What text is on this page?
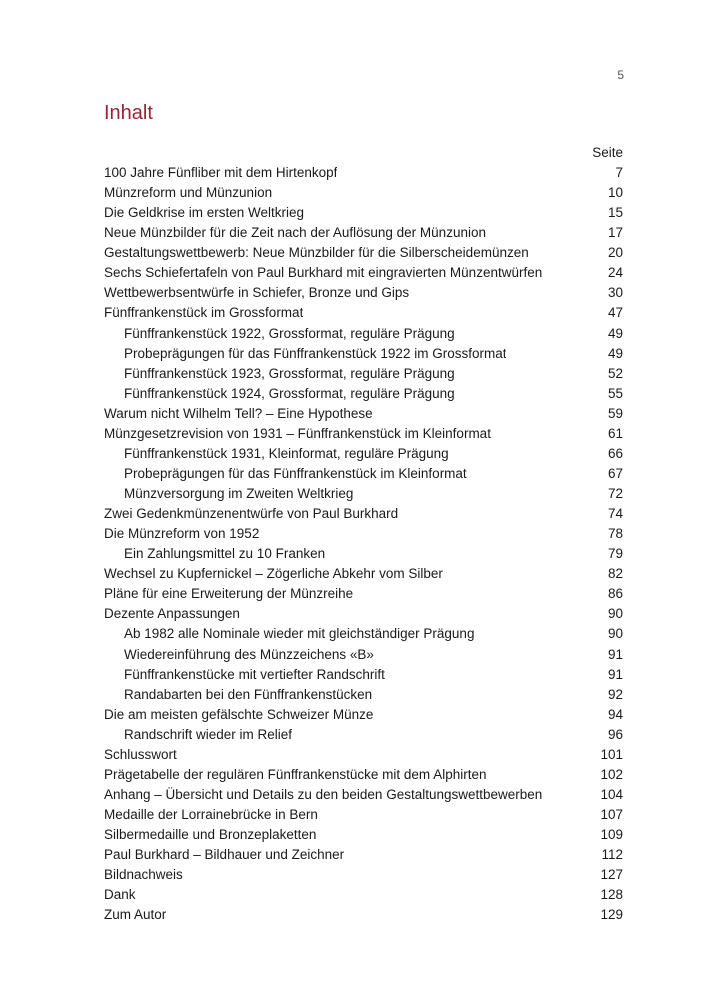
5
Inhalt
Seite
100 Jahre Fünfliber mit dem Hirtenkopf	7
Münzreform und Münzunion	10
Die Geldkrise im ersten Weltkrieg	15
Neue Münzbilder für die Zeit nach der Auflösung der Münzunion	17
Gestaltungswettbewerb: Neue Münzbilder für die Silberscheidemünzen	20
Sechs Schiefertafeln von Paul Burkhard mit eingravierten Münzentwürfen	24
Wettbewerbsentwürfe in Schiefer, Bronze und Gips	30
Fünffrankenstück im Grossformat	47
Fünffrankenstück 1922, Grossformat, reguläre Prägung	49
Probeprägungen für das Fünffrankenstück 1922 im Grossformat	49
Fünffrankenstück 1923, Grossformat, reguläre Prägung	52
Fünffrankenstück 1924, Grossformat, reguläre Prägung	55
Warum nicht Wilhelm Tell? – Eine Hypothese	59
Münzgesetzrevision von 1931 – Fünffrankenstück im Kleinformat	61
Fünffrankenstück 1931, Kleinformat, reguläre Prägung	66
Probeprägungen für das Fünffrankenstück im Kleinformat	67
Münzversorgung im Zweiten Weltkrieg	72
Zwei Gedenkmünzenentwürfe von Paul Burkhard	74
Die Münzreform von 1952	78
Ein Zahlungsmittel zu 10 Franken	79
Wechsel zu Kupfernickel – Zögerliche Abkehr vom Silber	82
Pläne für eine Erweiterung der Münzreihe	86
Dezente Anpassungen	90
Ab 1982 alle Nominale wieder mit gleichständiger Prägung	90
Wiedereinführung des Münzzeichens «B»	91
Fünffrankenstücke mit vertiefter Randschrift	91
Randabarten bei den Fünffrankenstücken	92
Die am meisten gefälschte Schweizer Münze	94
Randschrift wieder im Relief	96
Schlusswort	101
Prägetabelle der regulären Fünffrankenstücke mit dem Alphirten	102
Anhang – Übersicht und Details zu den beiden Gestaltungswettbewerben	104
Medaille der Lorrainebrücke in Bern	107
Silbermedaille und Bronzeplaketten	109
Paul Burkhard – Bildhauer und Zeichner	112
Bildnachweis	127
Dank	128
Zum Autor	129
